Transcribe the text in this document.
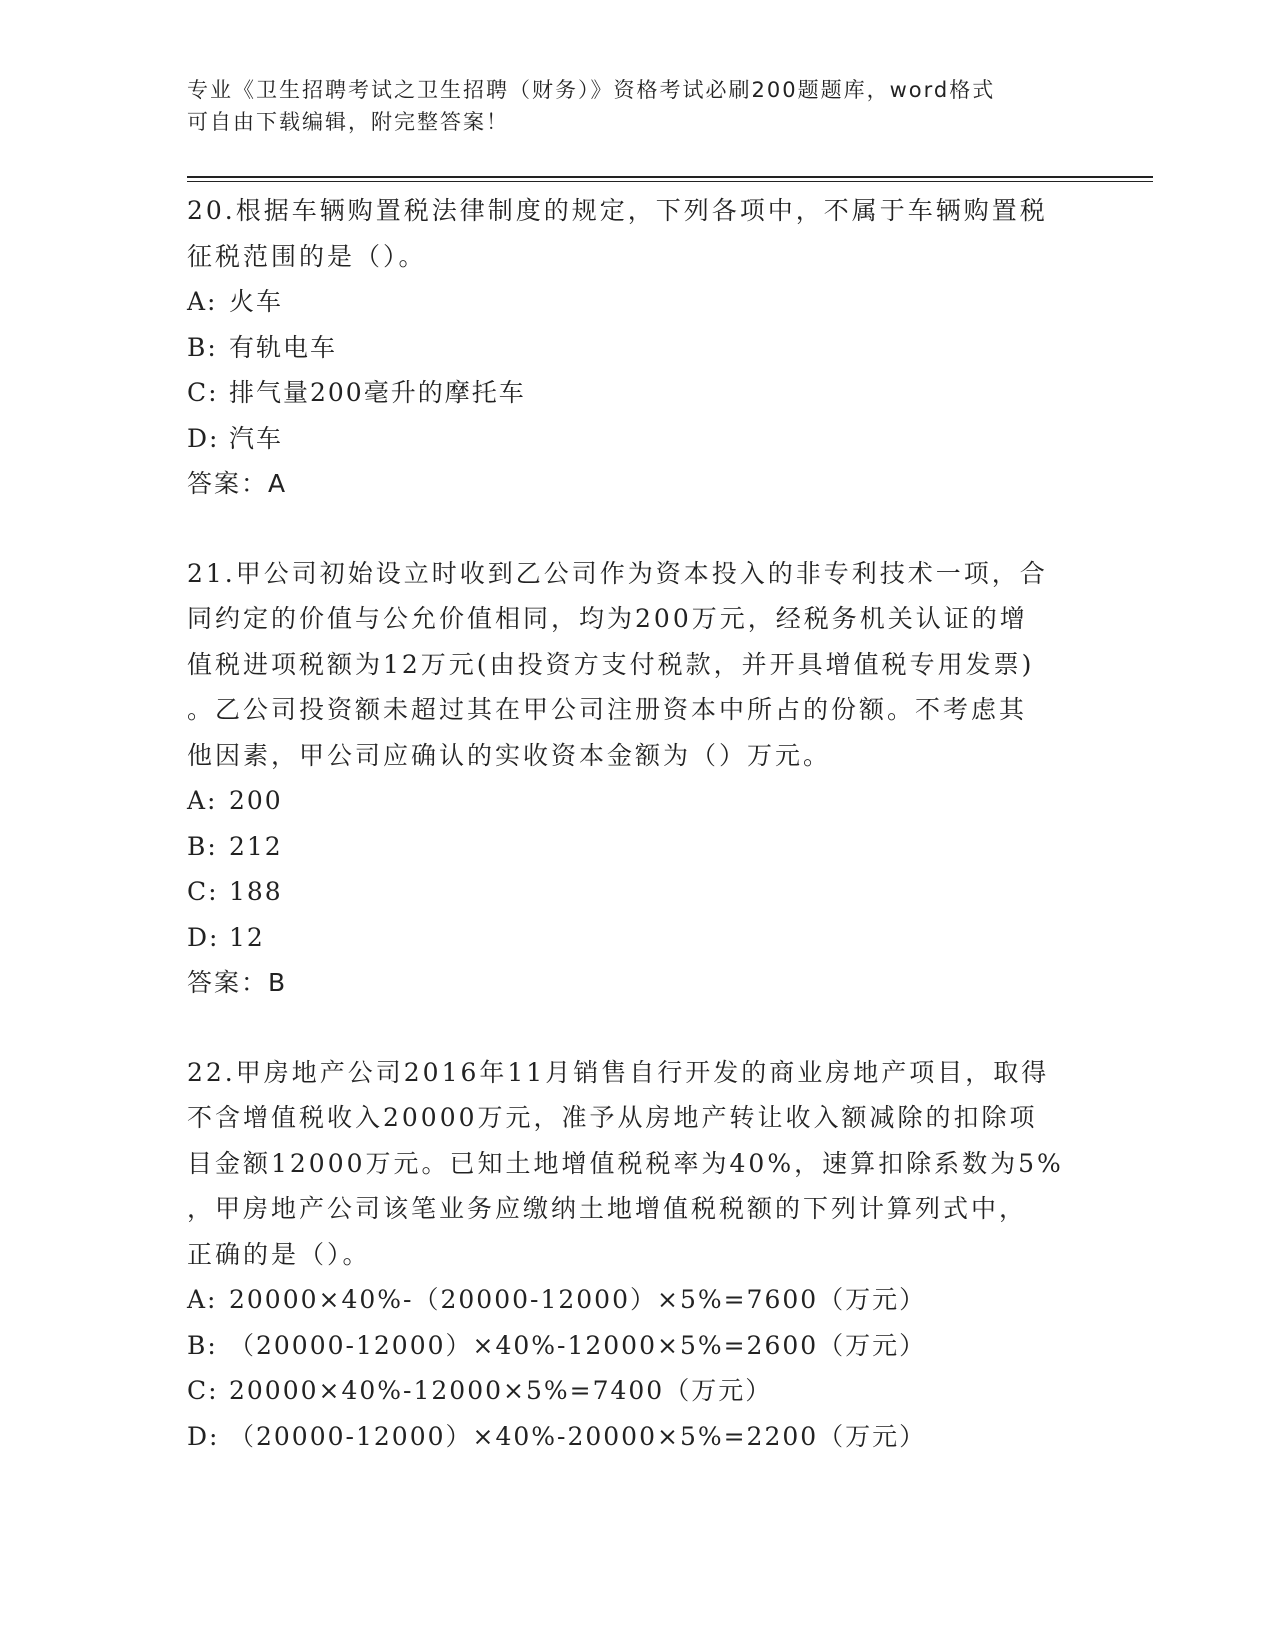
专业《卫生招聘考试之卫生招聘（财务）》资格考试必刷200题题库，word格式
可自由下载编辑，附完整答案！

20.根据车辆购置税法律制度的规定，下列各项中，不属于车辆购置税

征税范围的是（）。

A: 火车

B: 有轨电车

C: 排气量200毫升的摩托车

D: 汽车

答案：A

21.甲公司初始设立时收到乙公司作为资本投入的非专利技术一项，合

同约定的价值与公允价值相同，均为200万元，经税务机关认证的增

值税进项税额为12万元(由投资方支付税款，并开具增值税专用发票)

。乙公司投资额未超过其在甲公司注册资本中所占的份额。不考虑其

他因素，甲公司应确认的实收资本金额为（）万元。

A: 200

B: 212

C: 188

D: 12

答案：B

22.甲房地产公司2016年11月销售自行开发的商业房地产项目，取得

不含增值税收入20000万元，准予从房地产转让收入额减除的扣除项

目金额12000万元。已知土地增值税税率为40%，速算扣除系数为5%

，甲房地产公司该笔业务应缴纳土地增值税税额的下列计算列式中，

正确的是（）。

A: 20000×40%-（20000-12000）×5%=7600（万元）

B: （20000-12000）×40%-12000×5%=2600（万元）

C: 20000×40%-12000×5%=7400（万元）

D: （20000-12000）×40%-20000×5%=2200（万元）
